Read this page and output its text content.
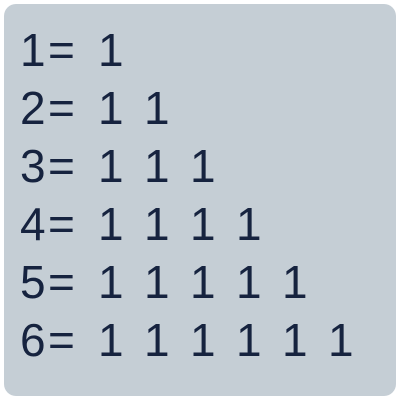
1= 1
2= 1 1
3= 1 1 1
4= 1 1 1 1
5= 1 1 1 1 1
6= 1 1 1 1 1 1
